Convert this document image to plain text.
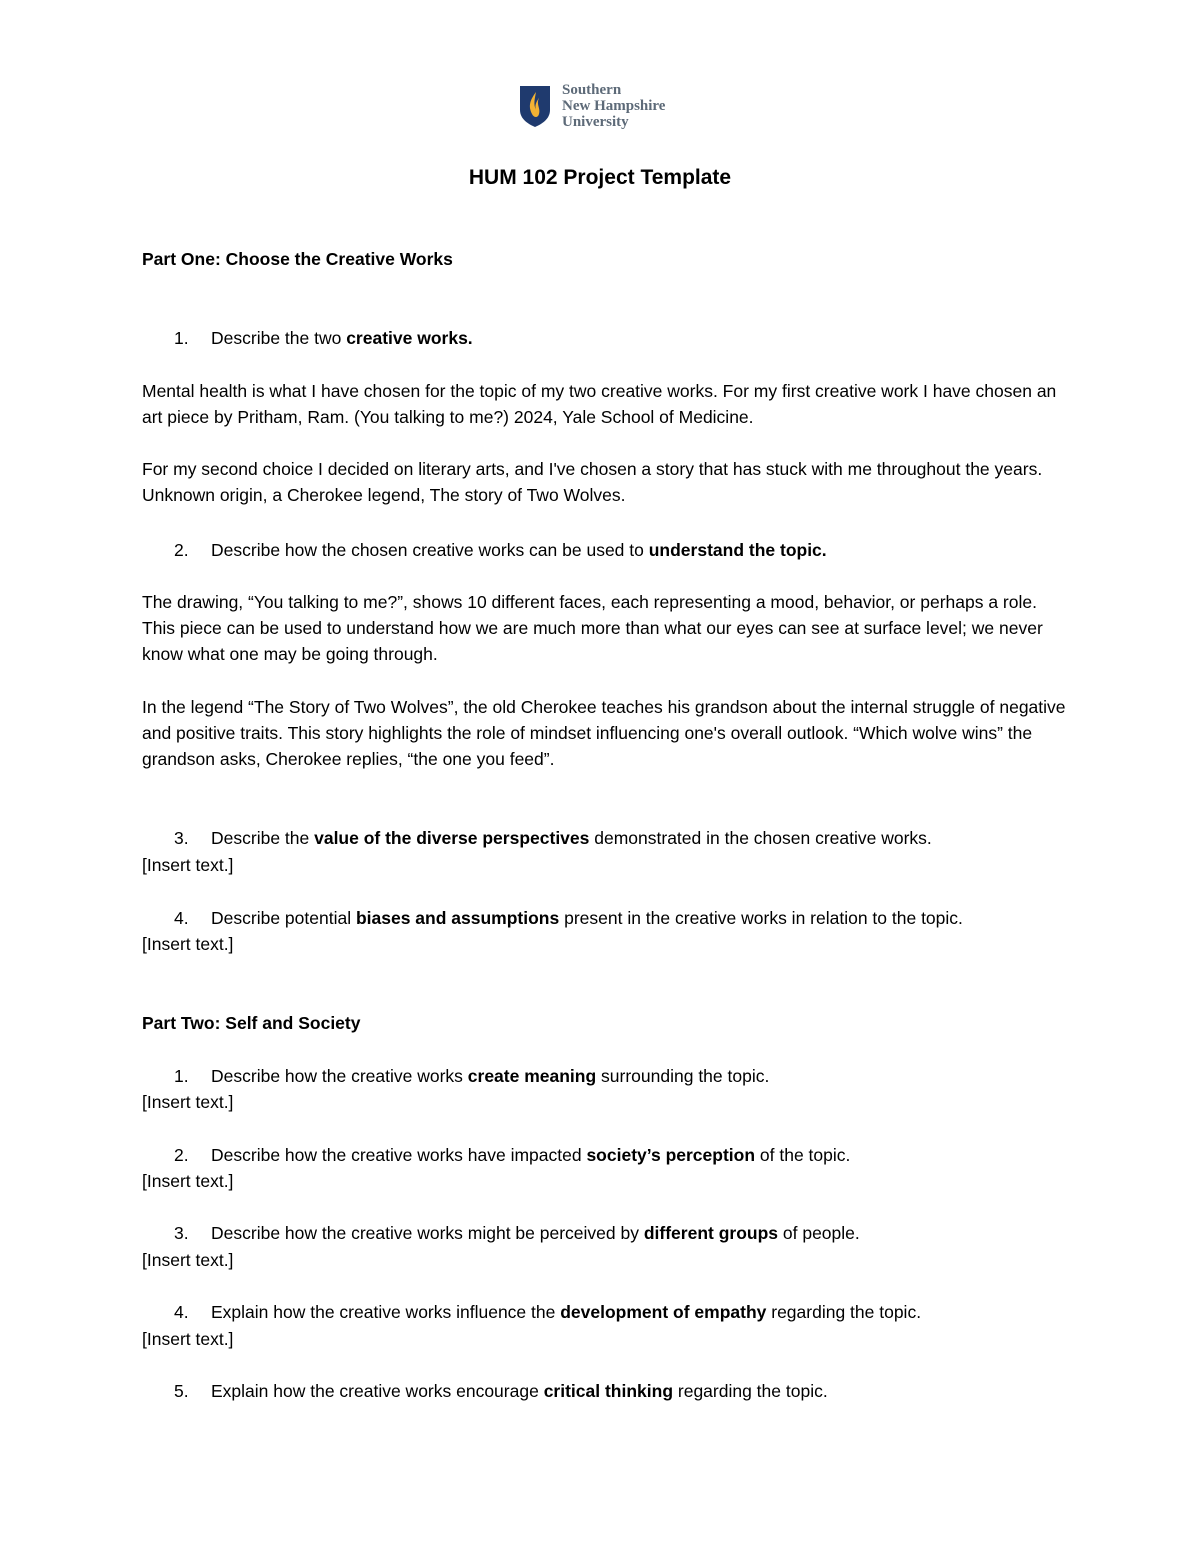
Southern
New Hampshire
University
HUM 102 Project Template
Part One: Choose the Creative Works
1. Describe the two creative works.
Mental health is what I have chosen for the topic of my two creative works. For my first creative work I have chosen an art piece by Pritham, Ram. (You talking to me?) 2024, Yale School of Medicine.
For my second choice I decided on literary arts, and I've chosen a story that has stuck with me throughout the years. Unknown origin, a Cherokee legend, The story of Two Wolves.
2. Describe how the chosen creative works can be used to understand the topic.
The drawing, “You talking to me?”, shows 10 different faces, each representing a mood, behavior, or perhaps a role. This piece can be used to understand how we are much more than what our eyes can see at surface level; we never know what one may be going through.
In the legend “The Story of Two Wolves”, the old Cherokee teaches his grandson about the internal struggle of negative and positive traits. This story highlights the role of mindset influencing one's overall outlook. “Which wolve wins” the grandson asks, Cherokee replies, “the one you feed”.
3. Describe the value of the diverse perspectives demonstrated in the chosen creative works.
[Insert text.]
4. Describe potential biases and assumptions present in the creative works in relation to the topic.
[Insert text.]
Part Two: Self and Society
1. Describe how the creative works create meaning surrounding the topic.
[Insert text.]
2. Describe how the creative works have impacted society’s perception of the topic.
[Insert text.]
3. Describe how the creative works might be perceived by different groups of people.
[Insert text.]
4. Explain how the creative works influence the development of empathy regarding the topic.
[Insert text.]
5. Explain how the creative works encourage critical thinking regarding the topic.
